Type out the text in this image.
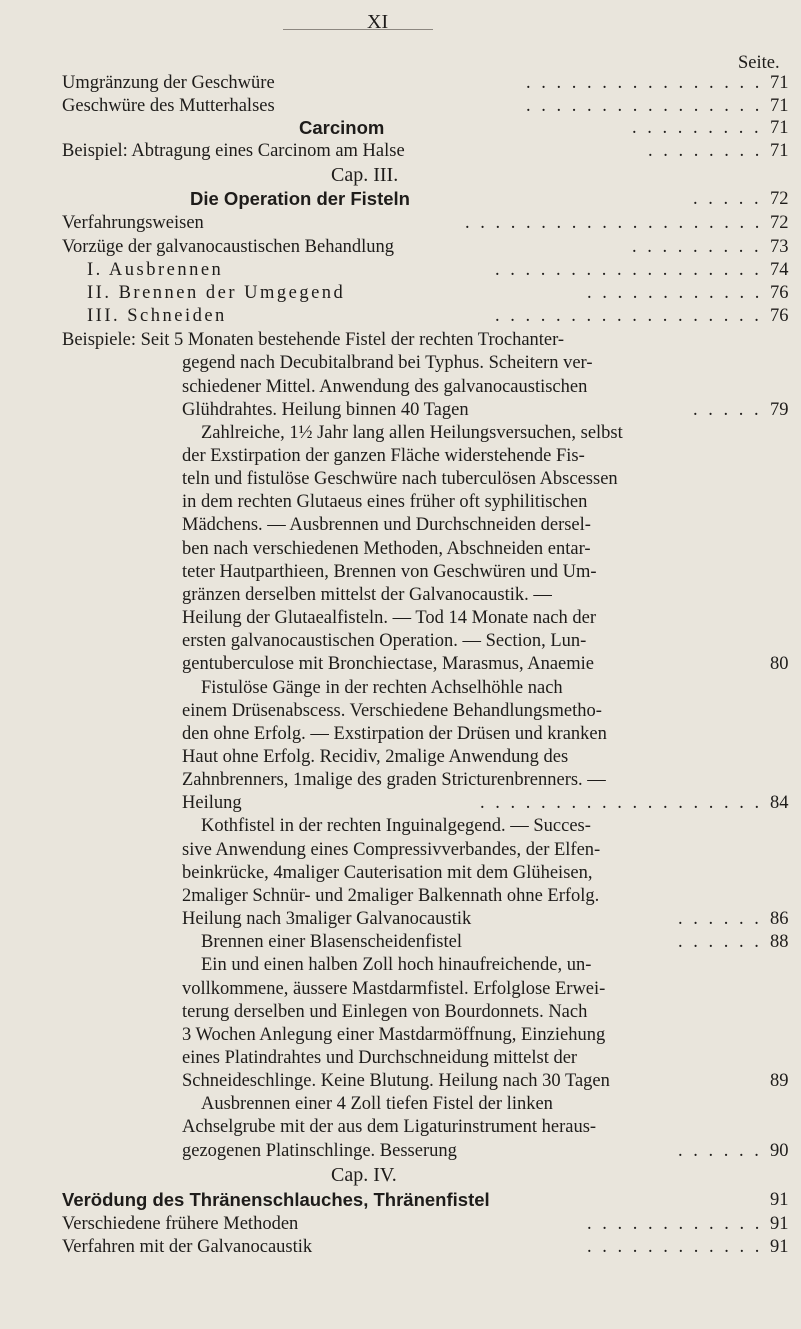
XI
Seite.
Umgränzung der Geschwüre	. . . . . . . . . . . . . . . . 71
Geschwüre des Mutterhalses	. . . . . . . . . . . . . . . . 71
Carcinom	. . . . . . . . . 71
Beispiel: Abtragung eines Carcinom am Halse	. . . . . . . . 71
Cap. III.
Die Operation der Fisteln	. . . . . 72
Verfahrungsweisen	. . . . . . . . . . . . . . . . . . . . 72
Vorzüge der galvanocaustischen Behandlung	. . . . . . . . . 73
I. Ausbrennen	. . . . . . . . . . . . . . . . . . 74
II. Brennen der Umgegend	. . . . . . . . . . . . 76
III. Schneiden	. . . . . . . . . . . . . . . . . . 76
Beispiele: Seit 5 Monaten bestehende Fistel der rechten Trochanter-
gegend nach Decubitalbrand bei Typhus. Scheitern ver-
schiedener Mittel. Anwendung des galvanocaustischen
Glühdrahtes. Heilung binnen 40 Tagen	. . . . . 79
Zahlreiche, 1½ Jahr lang allen Heilungsversuchen, selbst
der Exstirpation der ganzen Fläche widerstehende Fis-
teln und fistulöse Geschwüre nach tuberculösen Abscessen
in dem rechten Glutaeus eines früher oft syphilitischen
Mädchens. — Ausbrennen und Durchschneiden dersel-
ben nach verschiedenen Methoden, Abschneiden entar-
teter Hautparthieen, Brennen von Geschwüren und Um-
gränzen derselben mittelst der Galvanocaustik. —
Heilung der Glutaealfisteln. — Tod 14 Monate nach der
ersten galvanocaustischen Operation. — Section, Lun-
gentuberculose mit Bronchiectase, Marasmus, Anaemie	80
Fistulöse Gänge in der rechten Achselhöhle nach
einem Drüsenabscess. Verschiedene Behandlungsmetho-
den ohne Erfolg. — Exstirpation der Drüsen und kranken
Haut ohne Erfolg. Recidiv, 2malige Anwendung des
Zahnbrenners, 1malige des graden Stricturenbrenners. —
Heilung	. . . . . . . . . . . . . . . . . . . 84
Kothfistel in der rechten Inguinalgegend. — Succes-
sive Anwendung eines Compressivverbandes, der Elfen-
beinkrücke, 4maliger Cauterisation mit dem Glüheisen,
2maliger Schnür- und 2maliger Balkennath ohne Erfolg.
Heilung nach 3maliger Galvanocaustik	. . . . . . 86
Brennen einer Blasenscheidenfistel	. . . . . . 88
Ein und einen halben Zoll hoch hinaufreichende, un-
vollkommene, äussere Mastdarmfistel. Erfolglose Erwei-
terung derselben und Einlegen von Bourdonnets. Nach
3 Wochen Anlegung einer Mastdarmöffnung, Einziehung
eines Platindrahtes und Durchschneidung mittelst der
Schneideschlinge. Keine Blutung. Heilung nach 30 Tagen	89
Ausbrennen einer 4 Zoll tiefen Fistel der linken
Achselgrube mit der aus dem Ligaturinstrument heraus-
gezogenen Platinschlinge. Besserung	. . . . . . 90
Cap. IV.
Verödung des Thränenschlauches, Thränenfistel	91
Verschiedene frühere Methoden	. . . . . . . . . . . . 91
Verfahren mit der Galvanocaustik	. . . . . . . . . . . . 91
